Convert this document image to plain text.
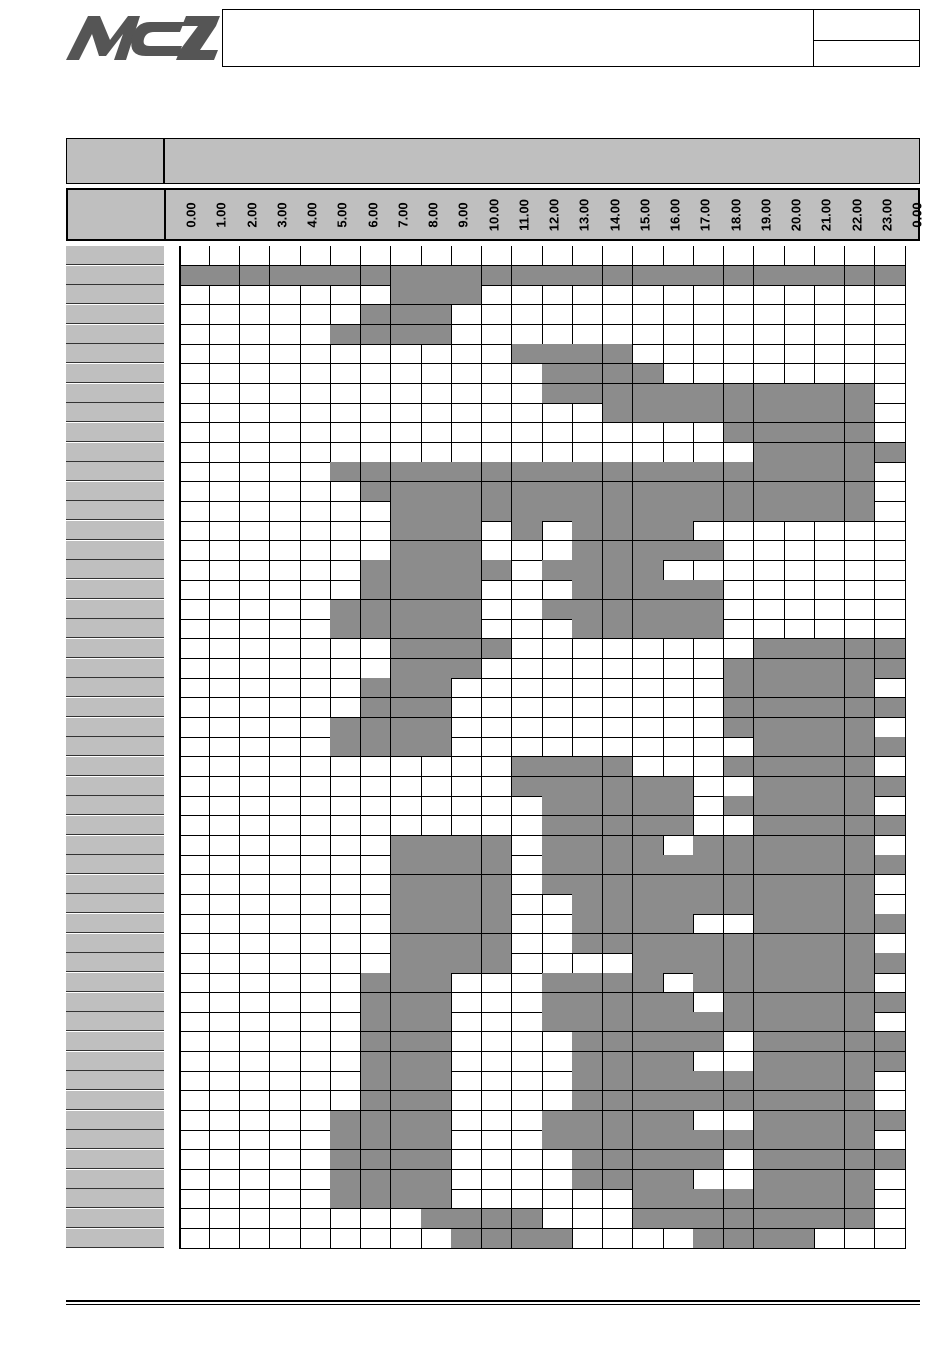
0.00 1.00 2.00 3.00 4.00 5.00 6.00 7.00 8.00 9.00 10.00 11.00 12.00 13.00 14.00 15.00 16.00 17.00 18.00 19.00 20.00 21.00 22.00 23.00 0.00
